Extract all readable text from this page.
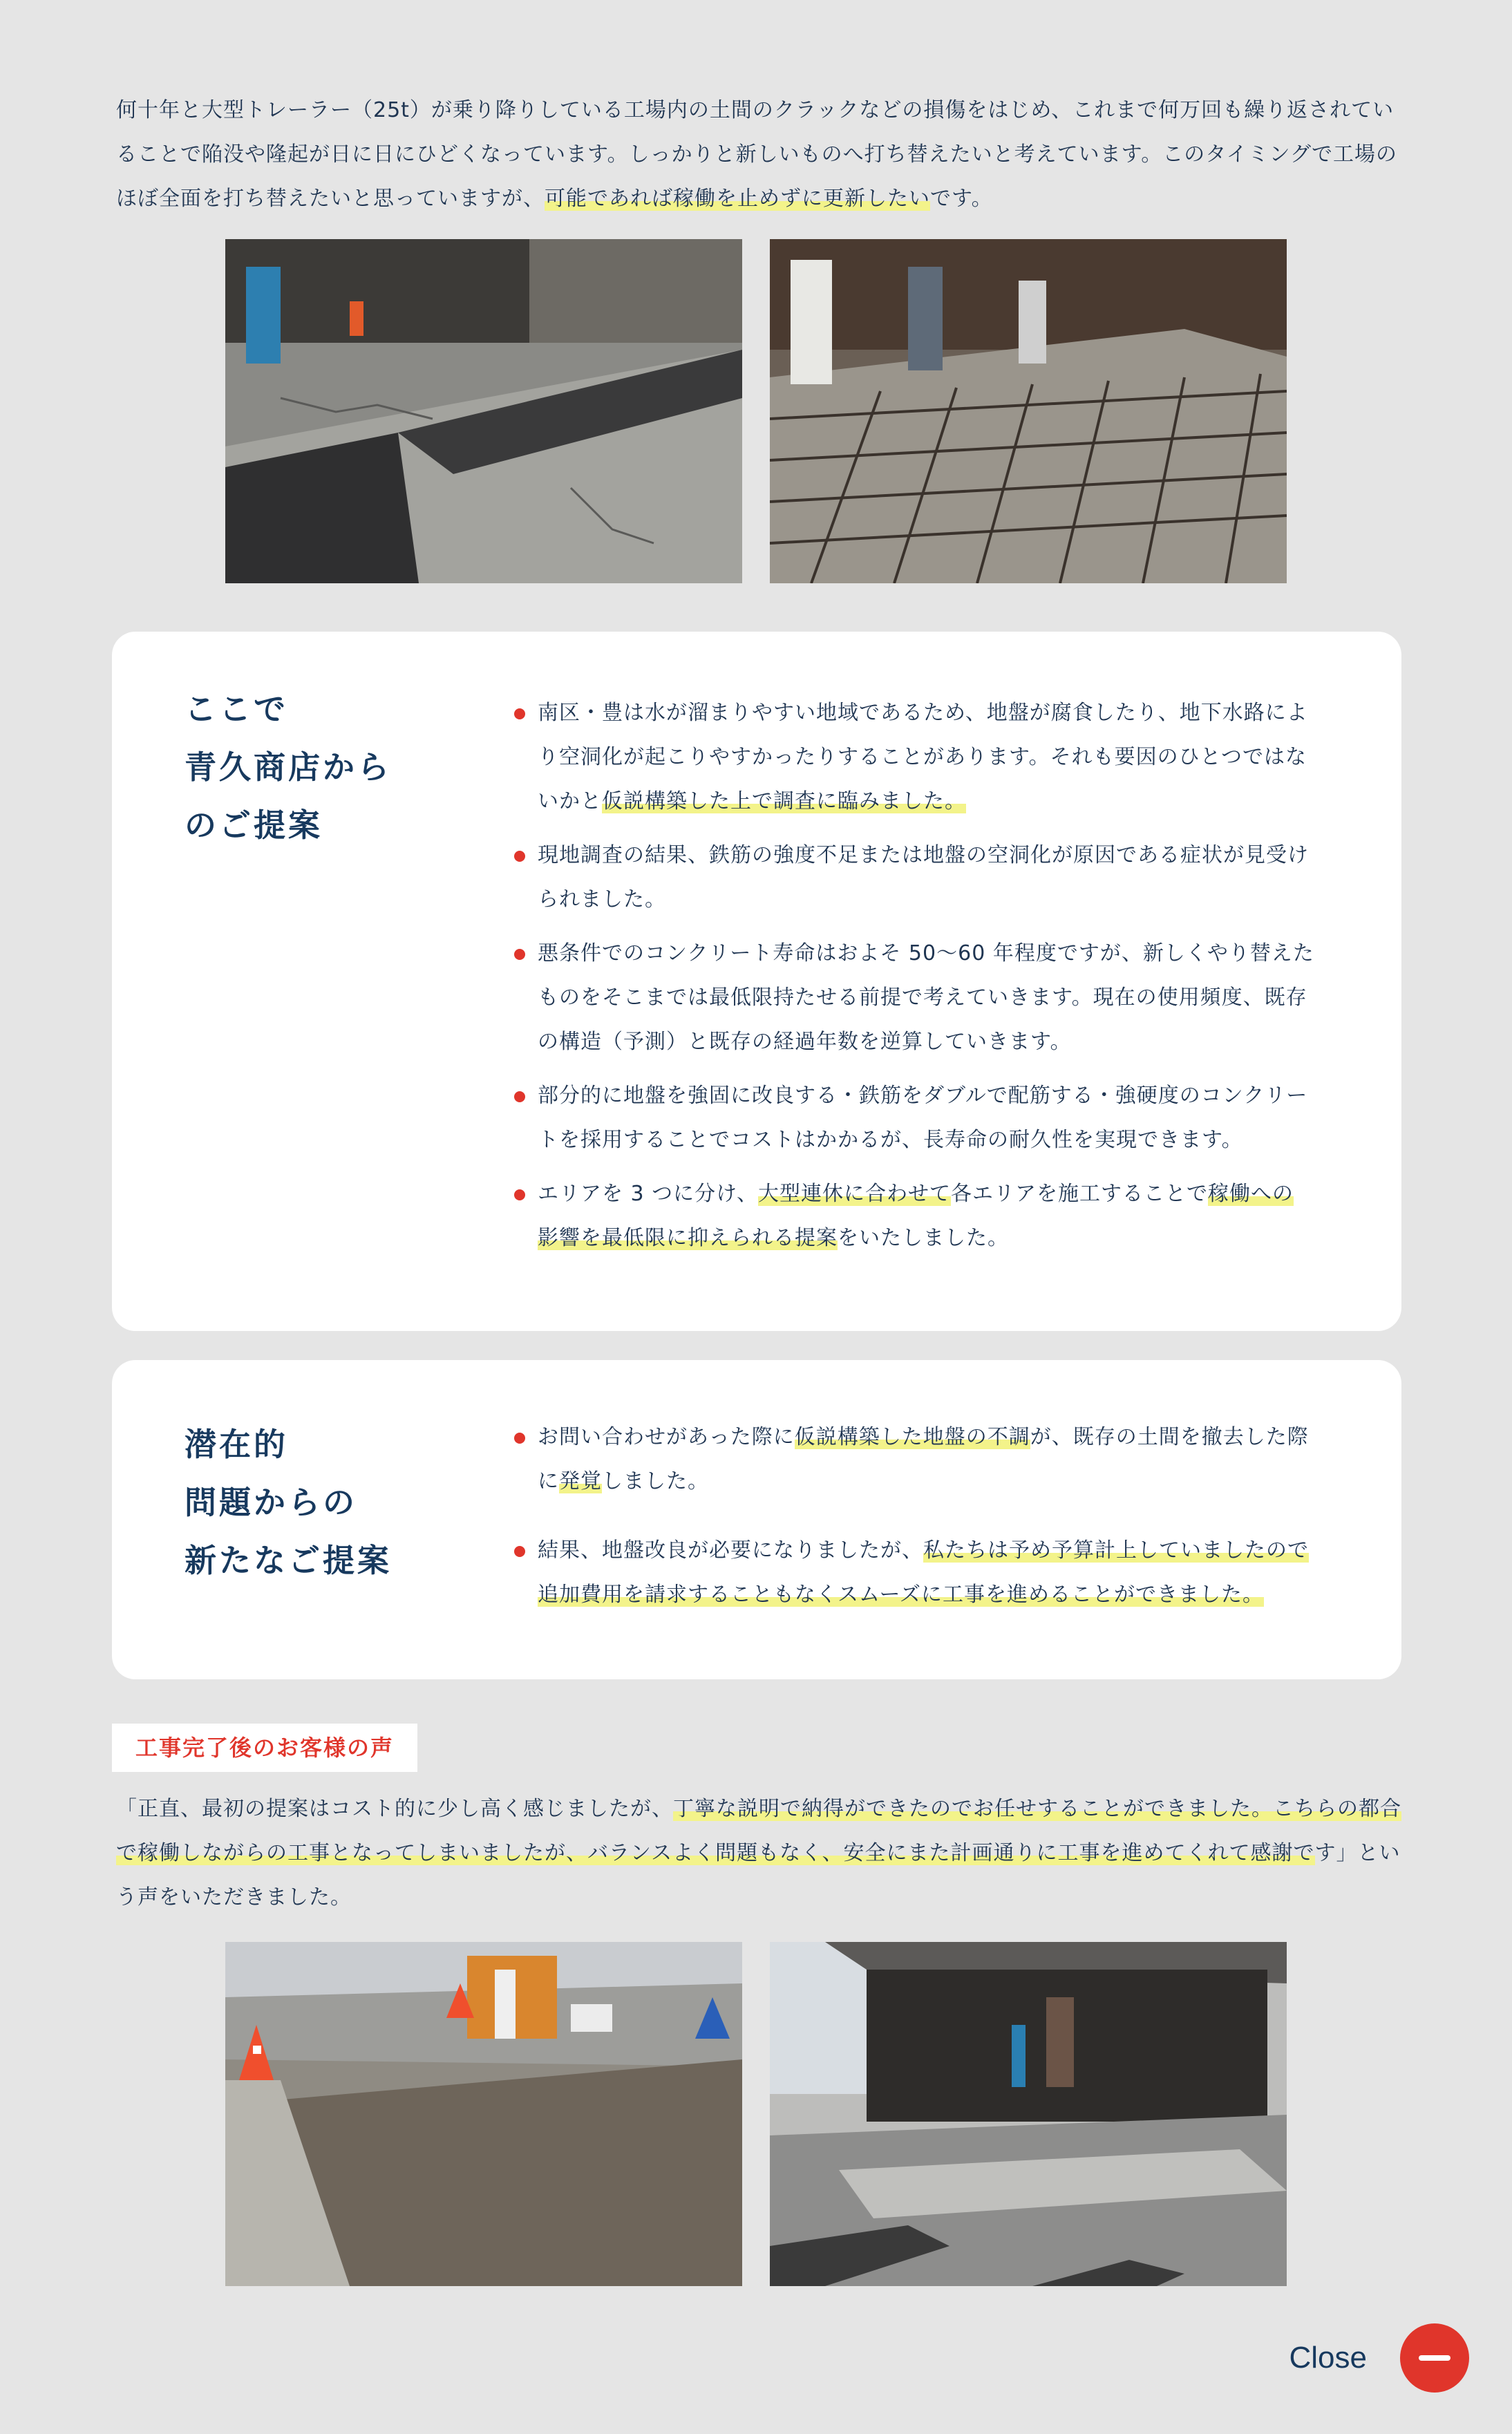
何十年と大型トレーラー（25t）が乗り降りしている工場内の土間のクラックなどの損傷をはじめ、これまで何万回も繰り返されていることで陥没や隆起が日に日にひどくなっています。しっかりと新しいものへ打ち替えたいと考えています。このタイミングで工場のほぼ全面を打ち替えたいと思っていますが、可能であれば稼働を止めずに更新したいです。

ここで
青久商店から
のご提案
南区・豊は水が溜まりやすい地域であるため、地盤が腐食したり、地下水路により空洞化が起こりやすかったりすることがあります。それも要因のひとつではないかと仮説構築した上で調査に臨みました。
現地調査の結果、鉄筋の強度不足または地盤の空洞化が原因である症状が見受けられました。
悪条件でのコンクリート寿命はおよそ 50〜60 年程度ですが、新しくやり替えたものをそこまでは最低限持たせる前提で考えていきます。現在の使用頻度、既存の構造（予測）と既存の経過年数を逆算していきます。
部分的に地盤を強固に改良する・鉄筋をダブルで配筋する・強硬度のコンクリートを採用することでコストはかかるが、長寿命の耐久性を実現できます。
エリアを 3 つに分け、大型連休に合わせて各エリアを施工することで稼働への影響を最低限に抑えられる提案をいたしました。
潜在的
問題からの
新たなご提案
お問い合わせがあった際に仮説構築した地盤の不調が、既存の土間を撤去した際に発覚しました。
結果、地盤改良が必要になりましたが、私たちは予め予算計上していましたので追加費用を請求することもなくスムーズに工事を進めることができました。
工事完了後のお客様の声

「正直、最初の提案はコスト的に少し高く感じましたが、丁寧な説明で納得ができたのでお任せすることができました。こちらの都合で稼働しながらの工事となってしまいましたが、バランスよく問題もなく、安全にまた計画通りに工事を進めてくれて感謝です」という声をいただきました。

Close
